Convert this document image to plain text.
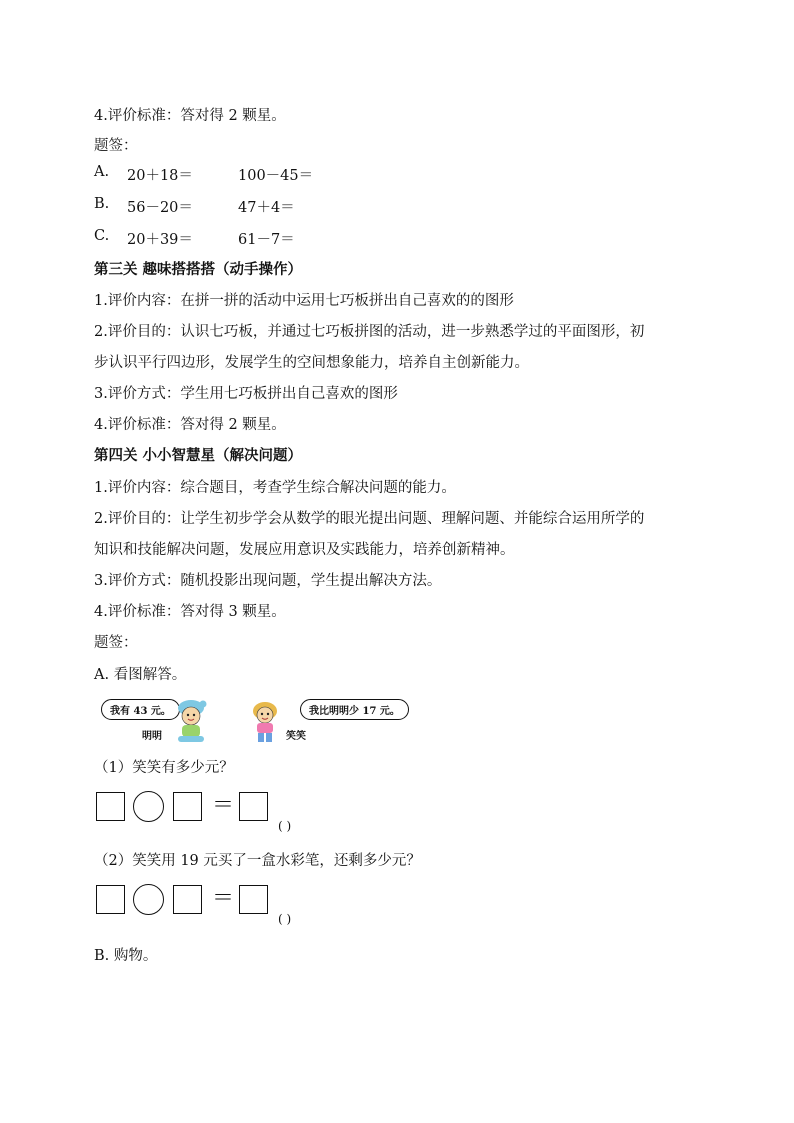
4.评价标准：答对得 2 颗星。
题签：
A. 20＋18＝	100－45＝
B. 56－20＝	47＋4＝
C. 20＋39＝	61－7＝
第三关 趣味搭搭搭（动手操作）
1.评价内容：在拼一拼的活动中运用七巧板拼出自己喜欢的的图形
2.评价目的：认识七巧板，并通过七巧板拼图的活动，进一步熟悉学过的平面图形，初
步认识平行四边形，发展学生的空间想象能力，培养自主创新能力。
3.评价方式：学生用七巧板拼出自己喜欢的图形
4.评价标准：答对得 2 颗星。
第四关 小小智慧星（解决问题）
1.评价内容：综合题目，考查学生综合解决问题的能力。
2.评价目的：让学生初步学会从数学的眼光提出问题、理解问题、并能综合运用所学的
知识和技能解决问题，发展应用意识及实践能力，培养创新精神。
3.评价方式：随机投影出现问题，学生提出解决方法。
4.评价标准：答对得 3 颗星。
题签：
A. 看图解答。
我有 43 元。	我比明明少 17 元。
明明	笑笑
（1）笑笑有多少元？
＝
( )
（2）笑笑用 19 元买了一盒水彩笔，还剩多少元？
＝
( )
B. 购物。
